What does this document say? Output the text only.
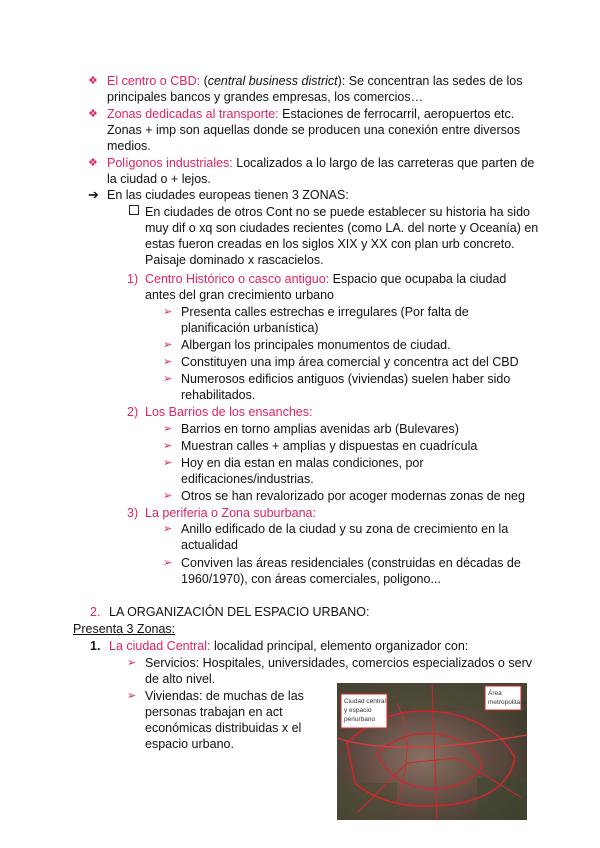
❖ El centro o CBD: (central business district): Se concentran las sedes de los
principales bancos y grandes empresas, los comercios…
❖ Zonas dedicadas al transporte: Estaciones de ferrocarril, aeropuertos etc.
Zonas + imp son aquellas donde se producen una conexión entre diversos
medios.
❖ Polígonos industriales: Localizados a lo largo de las carreteras que parten de
la ciudad o + lejos.
➔ En las ciudades europeas tienen 3 ZONAS:
En ciudades de otros Cont no se puede establecer su historia ha sido
muy dif o xq son ciudades recientes (como LA. del norte y Oceanía) en
estas fueron creadas en los siglos XIX y XX con plan urb concreto.
Paisaje dominado x rascacielos.
1) Centro Histórico o casco antiguo: Espacio que ocupaba la ciudad
antes del gran crecimiento urbano
➢ Presenta calles estrechas e irregulares (Por falta de
planificación urbanística)
➢ Albergan los principales monumentos de ciudad.
➢ Constituyen una imp área comercial y concentra act del CBD
➢ Numerosos edificios antiguos (viviendas) suelen haber sido
rehabilitados.
2) Los Barrios de los ensanches:
➢ Barrios en torno amplias avenidas arb (Bulevares)
➢ Muestran calles + amplias y dispuestas en cuadrícula
➢ Hoy en dia estan en malas condiciones, por
edificaciones/industrias.
➢ Otros se han revalorizado por acoger modernas zonas de neg
3) La periferia o Zona suburbana:
➢ Anillo edificado de la ciudad y su zona de crecimiento en la
actualidad
➢ Conviven las áreas residenciales (construidas en décadas de
1960/1970), con áreas comerciales, poligono...
2. LA ORGANIZACIÓN DEL ESPACIO URBANO:
Presenta 3 Zonas:
1. La ciudad Central: localidad principal, elemento organizador con:
➢ Servicios: Hospitales, universidades, comercios especializados o serv
de alto nivel.
➢ Viviendas: de muchas de las
personas trabajan en act
económicas distribuidas x el
espacio urbano.
Ciudad central y espacio periurbano
Área metropolitana
